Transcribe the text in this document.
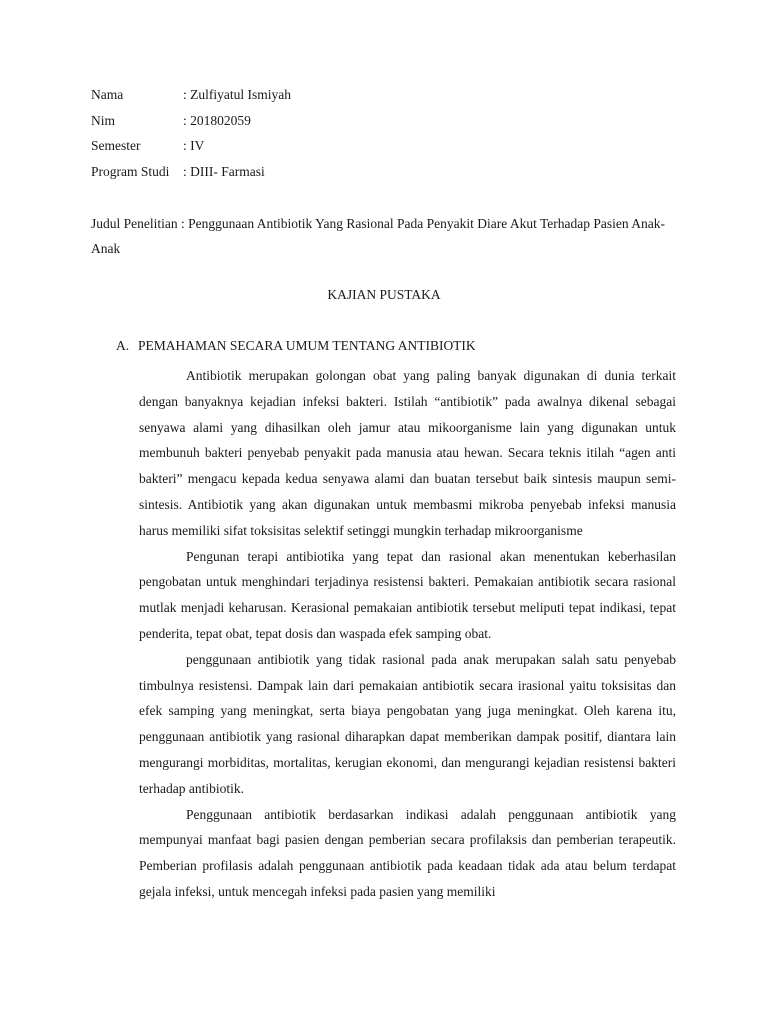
Nama	: Zulfiyatul Ismiyah
Nim	: 201802059
Semester	: IV
Program Studi	: DIII- Farmasi
Judul Penelitian : Penggunaan Antibiotik Yang Rasional Pada Penyakit Diare Akut Terhadap Pasien Anak- Anak
KAJIAN PUSTAKA
A. PEMAHAMAN SECARA UMUM TENTANG ANTIBIOTIK

Antibiotik merupakan golongan obat yang paling banyak digunakan di dunia terkait dengan banyaknya kejadian infeksi bakteri. Istilah “antibiotik” pada awalnya dikenal sebagai senyawa alami yang dihasilkan oleh jamur atau mikoorganisme lain yang digunakan untuk membunuh bakteri penyebab penyakit pada manusia atau hewan. Secara teknis itilah “agen anti bakteri” mengacu kepada kedua senyawa alami dan buatan tersebut baik sintesis maupun semi- sintesis. Antibiotik yang akan digunakan untuk membasmi mikroba penyebab infeksi manusia harus memiliki sifat toksisitas selektif setinggi mungkin terhadap mikroorganisme

Pengunan terapi antibiotika yang tepat dan rasional akan menentukan keberhasilan pengobatan untuk menghindari terjadinya resistensi bakteri. Pemakaian antibiotik secara rasional mutlak menjadi keharusan. Kerasional pemakaian antibiotik tersebut meliputi tepat indikasi, tepat penderita, tepat obat, tepat dosis dan waspada efek samping obat.

penggunaan antibiotik yang tidak rasional pada anak merupakan salah satu penyebab timbulnya resistensi. Dampak lain dari pemakaian antibiotik secara irasional yaitu toksisitas dan efek samping yang meningkat, serta biaya pengobatan yang juga meningkat. Oleh karena itu, penggunaan antibiotik yang rasional diharapkan dapat memberikan dampak positif, diantara lain mengurangi morbiditas, mortalitas, kerugian ekonomi, dan mengurangi kejadian resistensi bakteri terhadap antibiotik.

Penggunaan antibiotik berdasarkan indikasi adalah penggunaan antibiotik yang mempunyai manfaat bagi pasien dengan pemberian secara profilaksis dan pemberian terapeutik. Pemberian profilasis adalah penggunaan antibiotik pada keadaan tidak ada atau belum terdapat gejala infeksi, untuk mencegah infeksi pada pasien yang memiliki
